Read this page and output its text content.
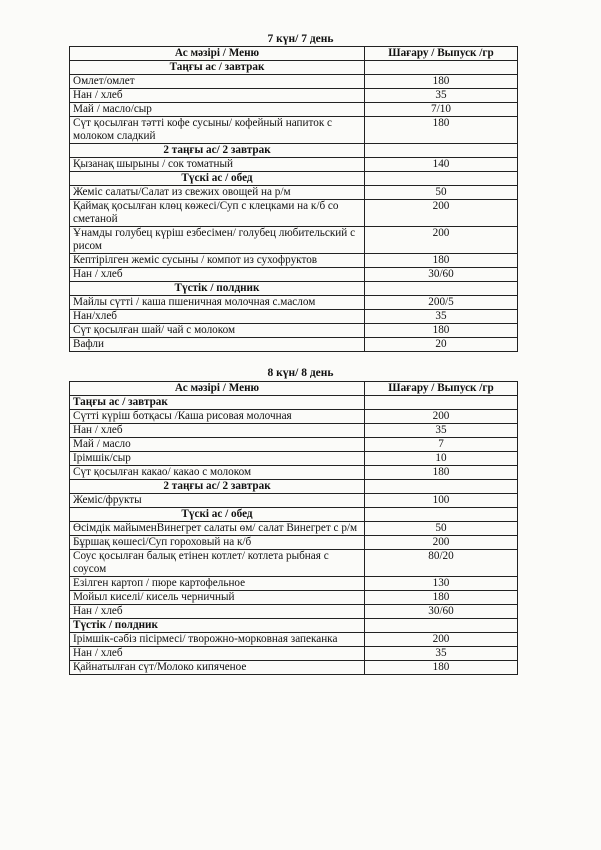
7 күн/ 7 день
Ас мәзірі / Меню	Шағару / Выпуск /гр
Таңғы ас / завтрак	
Омлет/омлет	180
Нан / хлеб	35
Май / масло/сыр	7/10
Сүт қосылған тәтті кофе сусыны/ кофейный напиток с молоком сладкий	180
2 таңғы ас/ 2 завтрак	
Қызанақ шырыны / сок томатный	140
Түскі ас / обед	
Жеміс салаты/Салат из свежих овощей на р/м	50
Қаймақ қосылған клөц көжесі/Суп с клецками на к/б со сметаной	200
Ұнамды голубец күріш езбесімен/ голубец любительский с рисом	200
Кептірілген жеміс сусыны / компот из сухофруктов	180
Нан / хлеб	30/60
Түстік / полдник	
Майлы сүтті / каша пшеничная молочная с.маслом	200/5
Нан/хлеб	35
Сүт қосылған шай/ чай с молоком	180
Вафли	20
8 күн/ 8 день
Ас мәзірі / Меню	Шағару / Выпуск /гр
Таңғы ас / завтрак	
Сүтті күріш ботқасы /Каша рисовая молочная	200
Нан / хлеб	35
Май / масло	7
Ірімшік/сыр	10
Сүт қосылған какао/ какао с молоком	180
2 таңғы ас/ 2 завтрак	
Жеміс/фрукты	100
Түскі ас / обед	
Өсімдік майыменВинегрет салаты өм/ салат Винегрет с р/м	50
Бұршақ көшесі/Суп гороховый на к/б	200
Соус қосылған балық етінен котлет/ котлета рыбная с соусом	80/20
Езілген картоп / пюре картофельное	130
Мойыл киселі/ кисель черничный	180
Нан / хлеб	30/60
Түстік / полдник	
Ірімшік-сәбіз пісірмесі/ творожно-морковная запеканка	200
Нан / хлеб	35
Қайнатылған сүт/Молоко кипяченое	180
